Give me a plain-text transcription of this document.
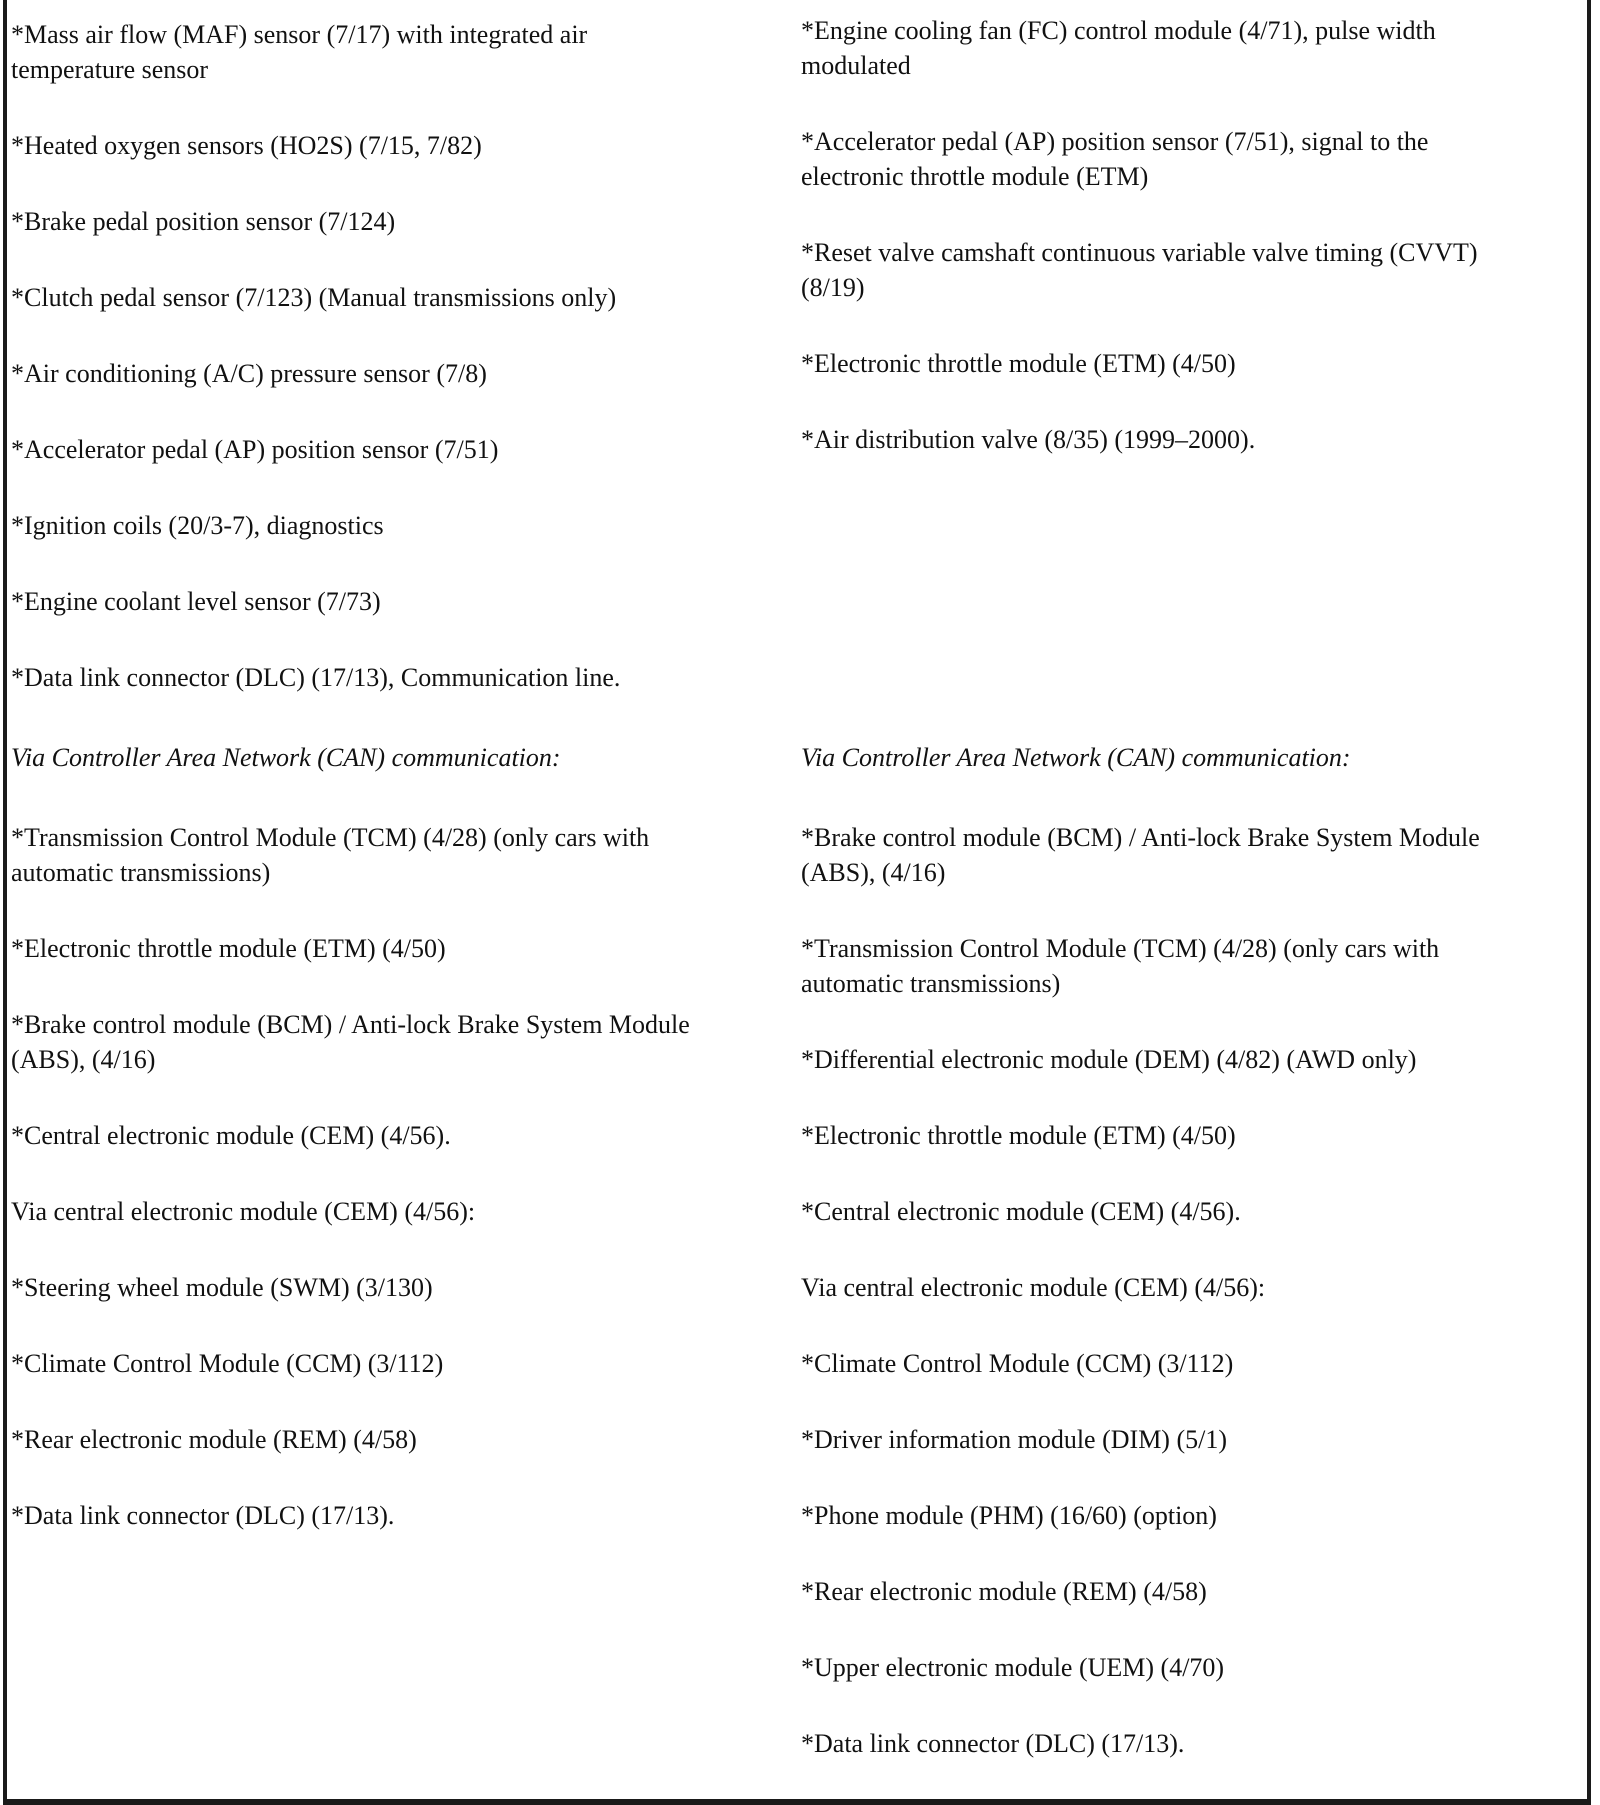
*Mass air flow (MAF) sensor (7/17) with integrated air

temperature sensor

*Heated oxygen sensors (HO2S) (7/15, 7/82)

*Brake pedal position sensor (7/124)

*Clutch pedal sensor (7/123) (Manual transmissions only)

*Air conditioning (A/C) pressure sensor (7/8)

*Accelerator pedal (AP) position sensor (7/51)

*Ignition coils (20/3-7), diagnostics

*Engine coolant level sensor (7/73)

*Data link connector (DLC) (17/13), Communication line.

Via Controller Area Network (CAN) communication:

*Transmission Control Module (TCM) (4/28) (only cars with

automatic transmissions)

*Electronic throttle module (ETM) (4/50)

*Brake control module (BCM) / Anti-lock Brake System Module

(ABS), (4/16)

*Central electronic module (CEM) (4/56).

Via central electronic module (CEM) (4/56):

*Steering wheel module (SWM) (3/130)

*Climate Control Module (CCM) (3/112)

*Rear electronic module (REM) (4/58)

*Data link connector (DLC) (17/13).

*Engine cooling fan (FC) control module (4/71), pulse width

modulated

*Accelerator pedal (AP) position sensor (7/51), signal to the

electronic throttle module (ETM)

*Reset valve camshaft continuous variable valve timing (CVVT)

(8/19)

*Electronic throttle module (ETM) (4/50)

*Air distribution valve (8/35) (1999–2000).

Via Controller Area Network (CAN) communication:

*Brake control module (BCM) / Anti-lock Brake System Module

(ABS), (4/16)

*Transmission Control Module (TCM) (4/28) (only cars with

automatic transmissions)

*Differential electronic module (DEM) (4/82) (AWD only)

*Electronic throttle module (ETM) (4/50)

*Central electronic module (CEM) (4/56).

Via central electronic module (CEM) (4/56):

*Climate Control Module (CCM) (3/112)

*Driver information module (DIM) (5/1)

*Phone module (PHM) (16/60) (option)

*Rear electronic module (REM) (4/58)

*Upper electronic module (UEM) (4/70)

*Data link connector (DLC) (17/13).
